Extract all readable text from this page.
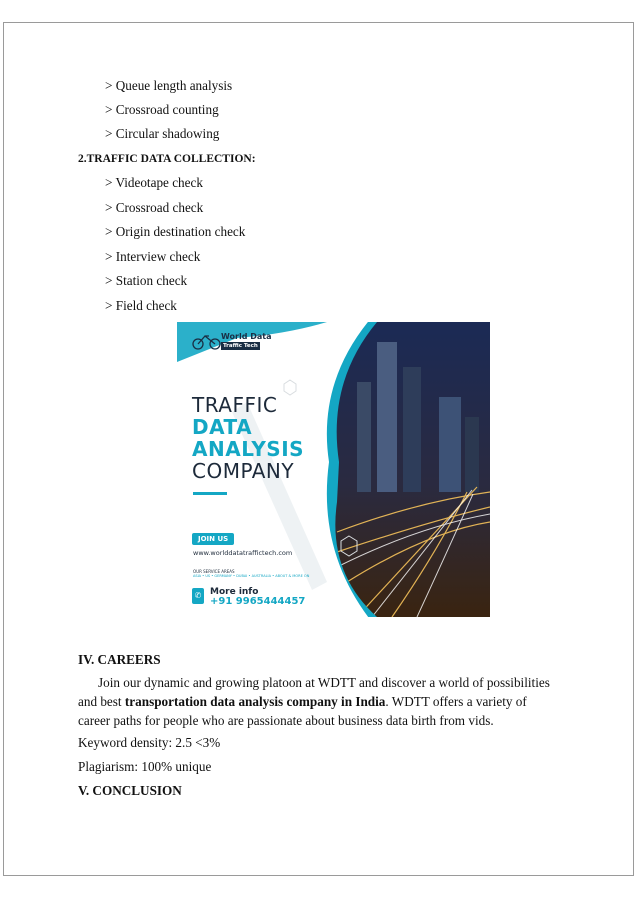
> Queue length analysis
> Crossroad counting
> Circular shadowing
2.TRAFFIC DATA COLLECTION:
> Videotape check
> Crossroad check
> Origin destination check
> Interview check
> Station check
> Field check
World Data
Traffic Tech
TRAFFIC
DATA
ANALYSIS
COMPANY
JOIN US
www.worlddatatraffictech.com
OUR SERVICE AREAS
ASIA • US • GERMANY • DUBAI • AUSTRALIA • ABOUT & MORE ON
✆ More info
+91 9965444457
IV. CAREERS
Join our dynamic and growing platoon at WDTT and discover a world of possibilities and best transportation data analysis company in India. WDTT offers a variety of career paths for people who are passionate about business data birth from vids.
Keyword density: 2.5 <3%
Plagiarism: 100% unique
V. CONCLUSION
